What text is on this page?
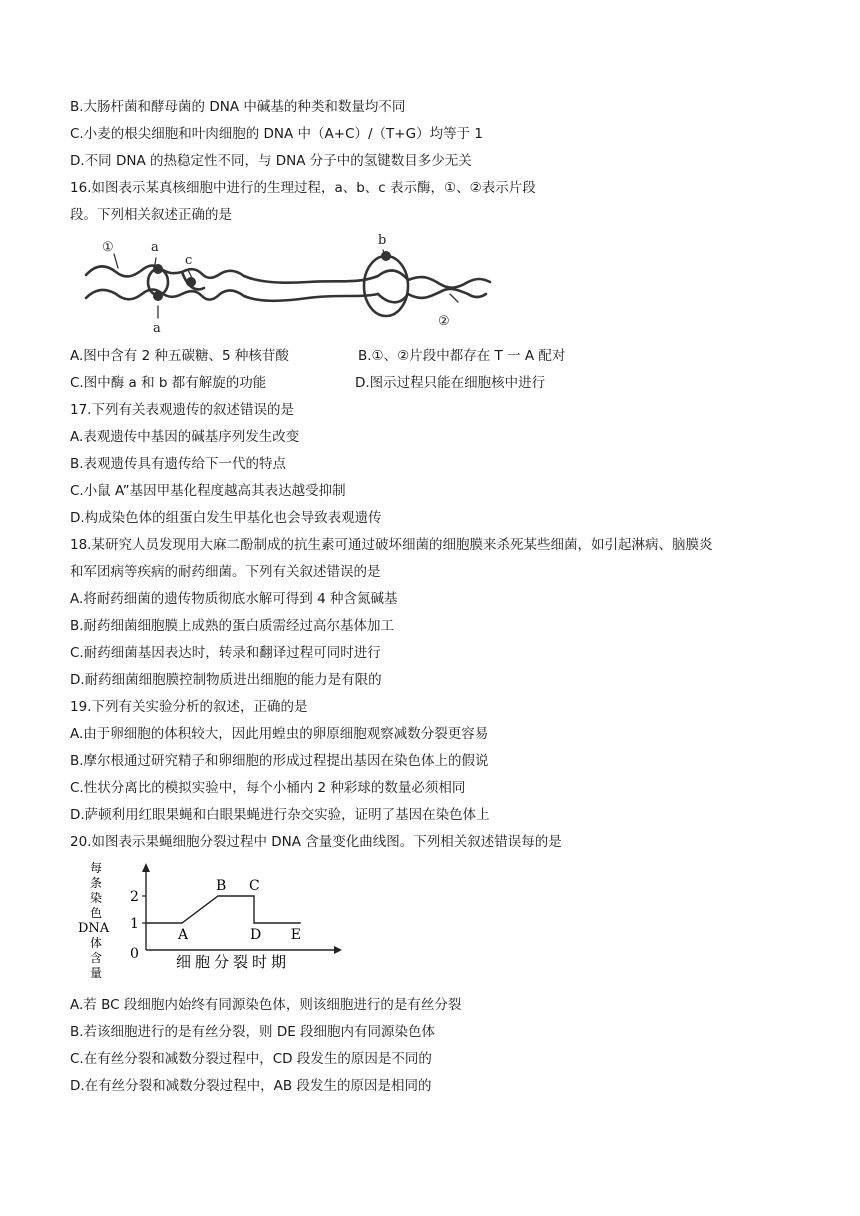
B.大肠杆菌和酵母菌的 DNA 中碱基的种类和数量均不同
C.小麦的根尖细胞和叶肉细胞的 DNA 中（A+C）/（T+G）均等于 1
D.不同 DNA 的热稳定性不同，与 DNA 分子中的氢键数目多少无关
16.如图表示某真核细胞中进行的生理过程，a、b、c 表示酶，①、②表示片段
段。下列相关叙述正确的是
①	a
c
b
a	②
A.图中含有 2 种五碳糖、5 种核苷酸	B.①、②片段中都存在 T 一 A 配对
C.图中酶 a 和 b 都有解旋的功能	D.图示过程只能在细胞核中进行
17.下列有关表观遗传的叙述错误的是
A.表观遗传中基因的碱基序列发生改变
B.表观遗传具有遗传给下一代的特点
C.小鼠 A”基因甲基化程度越高其表达越受抑制
D.构成染色体的组蛋白发生甲基化也会导致表观遗传
18.某研究人员发现用大麻二酚制成的抗生素可通过破坏细菌的细胞膜来杀死某些细菌，如引起淋病、脑膜炎
和军团病等疾病的耐药细菌。下列有关叙述错误的是
A.将耐药细菌的遗传物质彻底水解可得到 4 种含氮碱基
B.耐药细菌细胞膜上成熟的蛋白质需经过高尔基体加工
C.耐药细菌基因表达时，转录和翻译过程可同时进行
D.耐药细菌细胞膜控制物质进出细胞的能力是有限的
19.下列有关实验分析的叙述，正确的是
A.由于卵细胞的体积较大，因此用蝗虫的卵原细胞观察减数分裂更容易
B.摩尔根通过研究精子和卵细胞的形成过程提出基因在染色体上的假说
C.性状分离比的模拟实验中，每个小桶内 2 种彩球的数量必须相同
D.萨顿利用红眼果蝇和白眼果蝇进行杂交实验，证明了基因在染色体上
20.如图表示果蝇细胞分裂过程中 DNA 含量变化曲线图。下列相关叙述错误每的是
每
条
染
色
体
含
量
DNA
0
1
2
A
B C
D E
细胞分裂时期
A.若 BC 段细胞内始终有同源染色体，则该细胞进行的是有丝分裂
B.若该细胞进行的是有丝分裂，则 DE 段细胞内有同源染色体
C.在有丝分裂和减数分裂过程中，CD 段发生的原因是不同的
D.在有丝分裂和减数分裂过程中，AB 段发生的原因是相同的
